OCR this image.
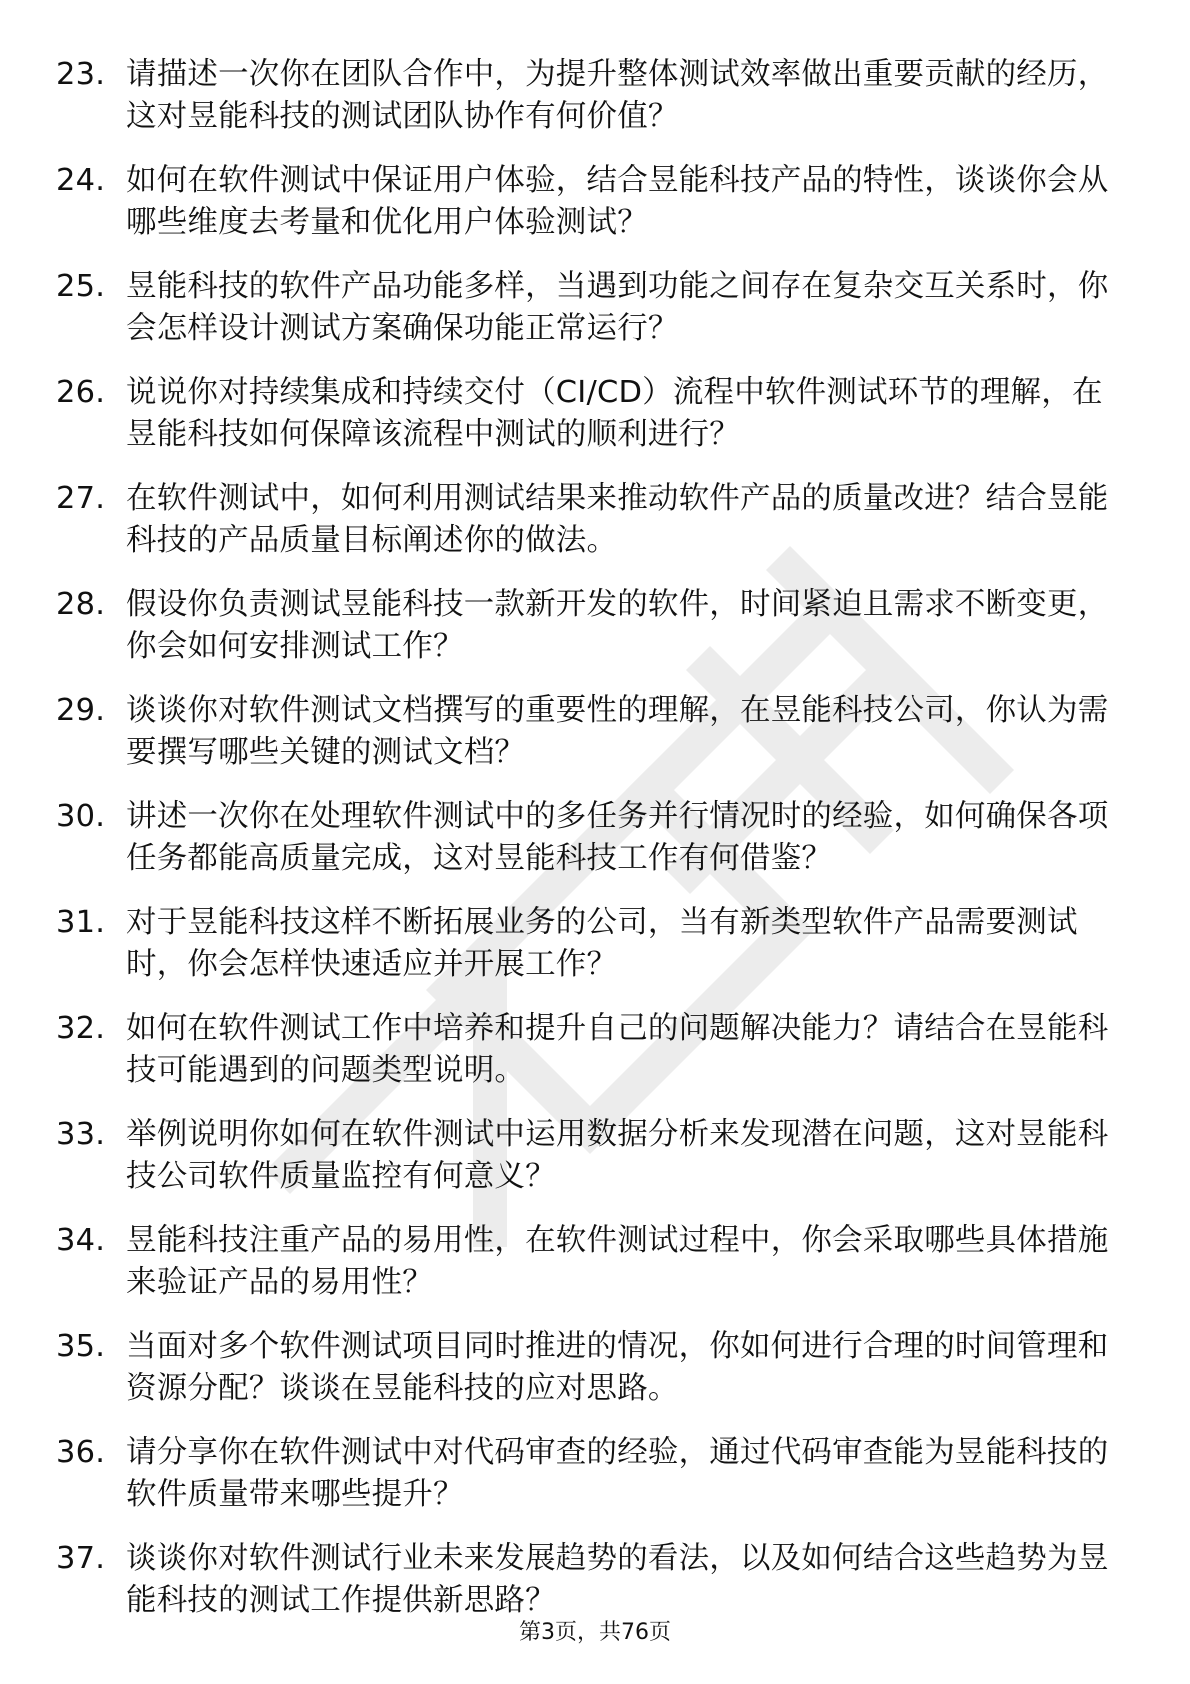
23. 请描述一次你在团队合作中，为提升整体测试效率做出重要贡献的经历，这对昱能科技的测试团队协作有何价值？
24. 如何在软件测试中保证用户体验，结合昱能科技产品的特性，谈谈你会从哪些维度去考量和优化用户体验测试？
25. 昱能科技的软件产品功能多样，当遇到功能之间存在复杂交互关系时，你会怎样设计测试方案确保功能正常运行？
26. 说说你对持续集成和持续交付（CI/CD）流程中软件测试环节的理解，在昱能科技如何保障该流程中测试的顺利进行？
27. 在软件测试中，如何利用测试结果来推动软件产品的质量改进？结合昱能科技的产品质量目标阐述你的做法。
28. 假设你负责测试昱能科技一款新开发的软件，时间紧迫且需求不断变更，你会如何安排测试工作？
29. 谈谈你对软件测试文档撰写的重要性的理解，在昱能科技公司，你认为需要撰写哪些关键的测试文档？
30. 讲述一次你在处理软件测试中的多任务并行情况时的经验，如何确保各项任务都能高质量完成，这对昱能科技工作有何借鉴？
31. 对于昱能科技这样不断拓展业务的公司，当有新类型软件产品需要测试时，你会怎样快速适应并开展工作？
32. 如何在软件测试工作中培养和提升自己的问题解决能力？请结合在昱能科技可能遇到的问题类型说明。
33. 举例说明你如何在软件测试中运用数据分析来发现潜在问题，这对昱能科技公司软件质量监控有何意义？
34. 昱能科技注重产品的易用性，在软件测试过程中，你会采取哪些具体措施来验证产品的易用性？
35. 当面对多个软件测试项目同时推进的情况，你如何进行合理的时间管理和资源分配？谈谈在昱能科技的应对思路。
36. 请分享你在软件测试中对代码审查的经验，通过代码审查能为昱能科技的软件质量带来哪些提升？
37. 谈谈你对软件测试行业未来发展趋势的看法，以及如何结合这些趋势为昱能科技的测试工作提供新思路？
第3页，共76页
